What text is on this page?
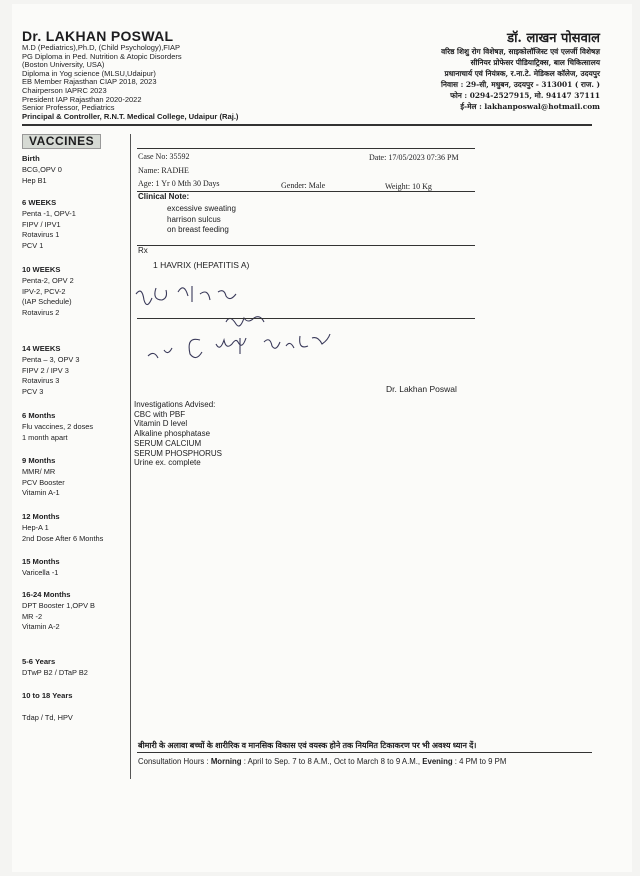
Dr. LAKHAN POSWAL
M.D (Pediatrics),Ph.D, (Child Psychology),FIAP
PG Diploma in Ped. Nutrition & Atopic Disorders
(Boston University, USA)
Diploma in Yog science (MLSU,Udaipur)
EB Member Rajasthan CIAP 2018, 2023
Chairperson IAPRC 2023
President IAP Rajasthan 2020-2022
Senior Professor, Pediatrics
Principal & Controller, R.N.T. Medical College, Udaipur (Raj.)
डॉ. लाखन पोसवाल
वरिष्ठ शिशु रोग विशेषज्ञ, साइकोलॉजिस्ट एवं एलर्जी विशेषज्ञ
सीनियर प्रोफेसर पीडियाट्रिक्स, बाल चिकित्सालय
प्रधानाचार्य एवं नियंत्रक, र.ना.टे. मेडिकल कॉलेज, उदयपुर
निवास : 29-सी, मधुबन, उदयपुर - 313001 ( राज. )
फोन : 0294-2527915, मो. 94147 37111
ई-मेल : lakhanposwal@hotmail.com
VACCINES
Birth
BCG,OPV 0
Hep B1
6 WEEKS
Penta -1, OPV-1
FIPV / IPV1
Rotavirus 1
PCV 1
10 WEEKS
Penta-2, OPV 2
IPV-2, PCV-2
(IAP Schedule)
Rotavirus 2
14 WEEKS
Penta – 3, OPV 3
FIPV 2 / IPV 3
Rotavirus 3
PCV 3
6 Months
Flu vaccines, 2 doses
1 month apart
9 Months
MMR/ MR
PCV Booster
Vitamin A-1
12 Months
Hep-A 1
2nd Dose After 6 Months
15 Months
Varicella -1
16-24 Months
DPT Booster 1,OPV B
MR -2
Vitamin A-2
5-6 Years
DTwP B2 / DTaP B2
10 to 18 Years
Tdap / Td, HPV
Case No: 35592	Date: 17/05/2023 07:36 PM
Name: RADHE
Age: 1 Yr 0 Mth 30 Days	Gender: Male	Weight: 10 Kg
Clinical Note:
excessive sweating
harrison sulcus
on breast feeding
Rx
1 HAVRIX (HEPATITIS A)
Dr. Lakhan Poswal
Investigations Advised:
CBC with PBF
Vitamin D level
Alkaline phosphatase
SERUM CALCIUM
SERUM PHOSPHORUS
Urine ex. complete
बीमारी के अलावा बच्चों के शारीरिक व मानसिक विकास एवं वयस्क होने तक नियमित टिकाकरण पर भी अवश्य ध्यान दें।
Consultation Hours : Morning : April to Sep. 7 to 8 A.M., Oct to March 8 to 9 A.M., Evening : 4 PM to 9 PM
